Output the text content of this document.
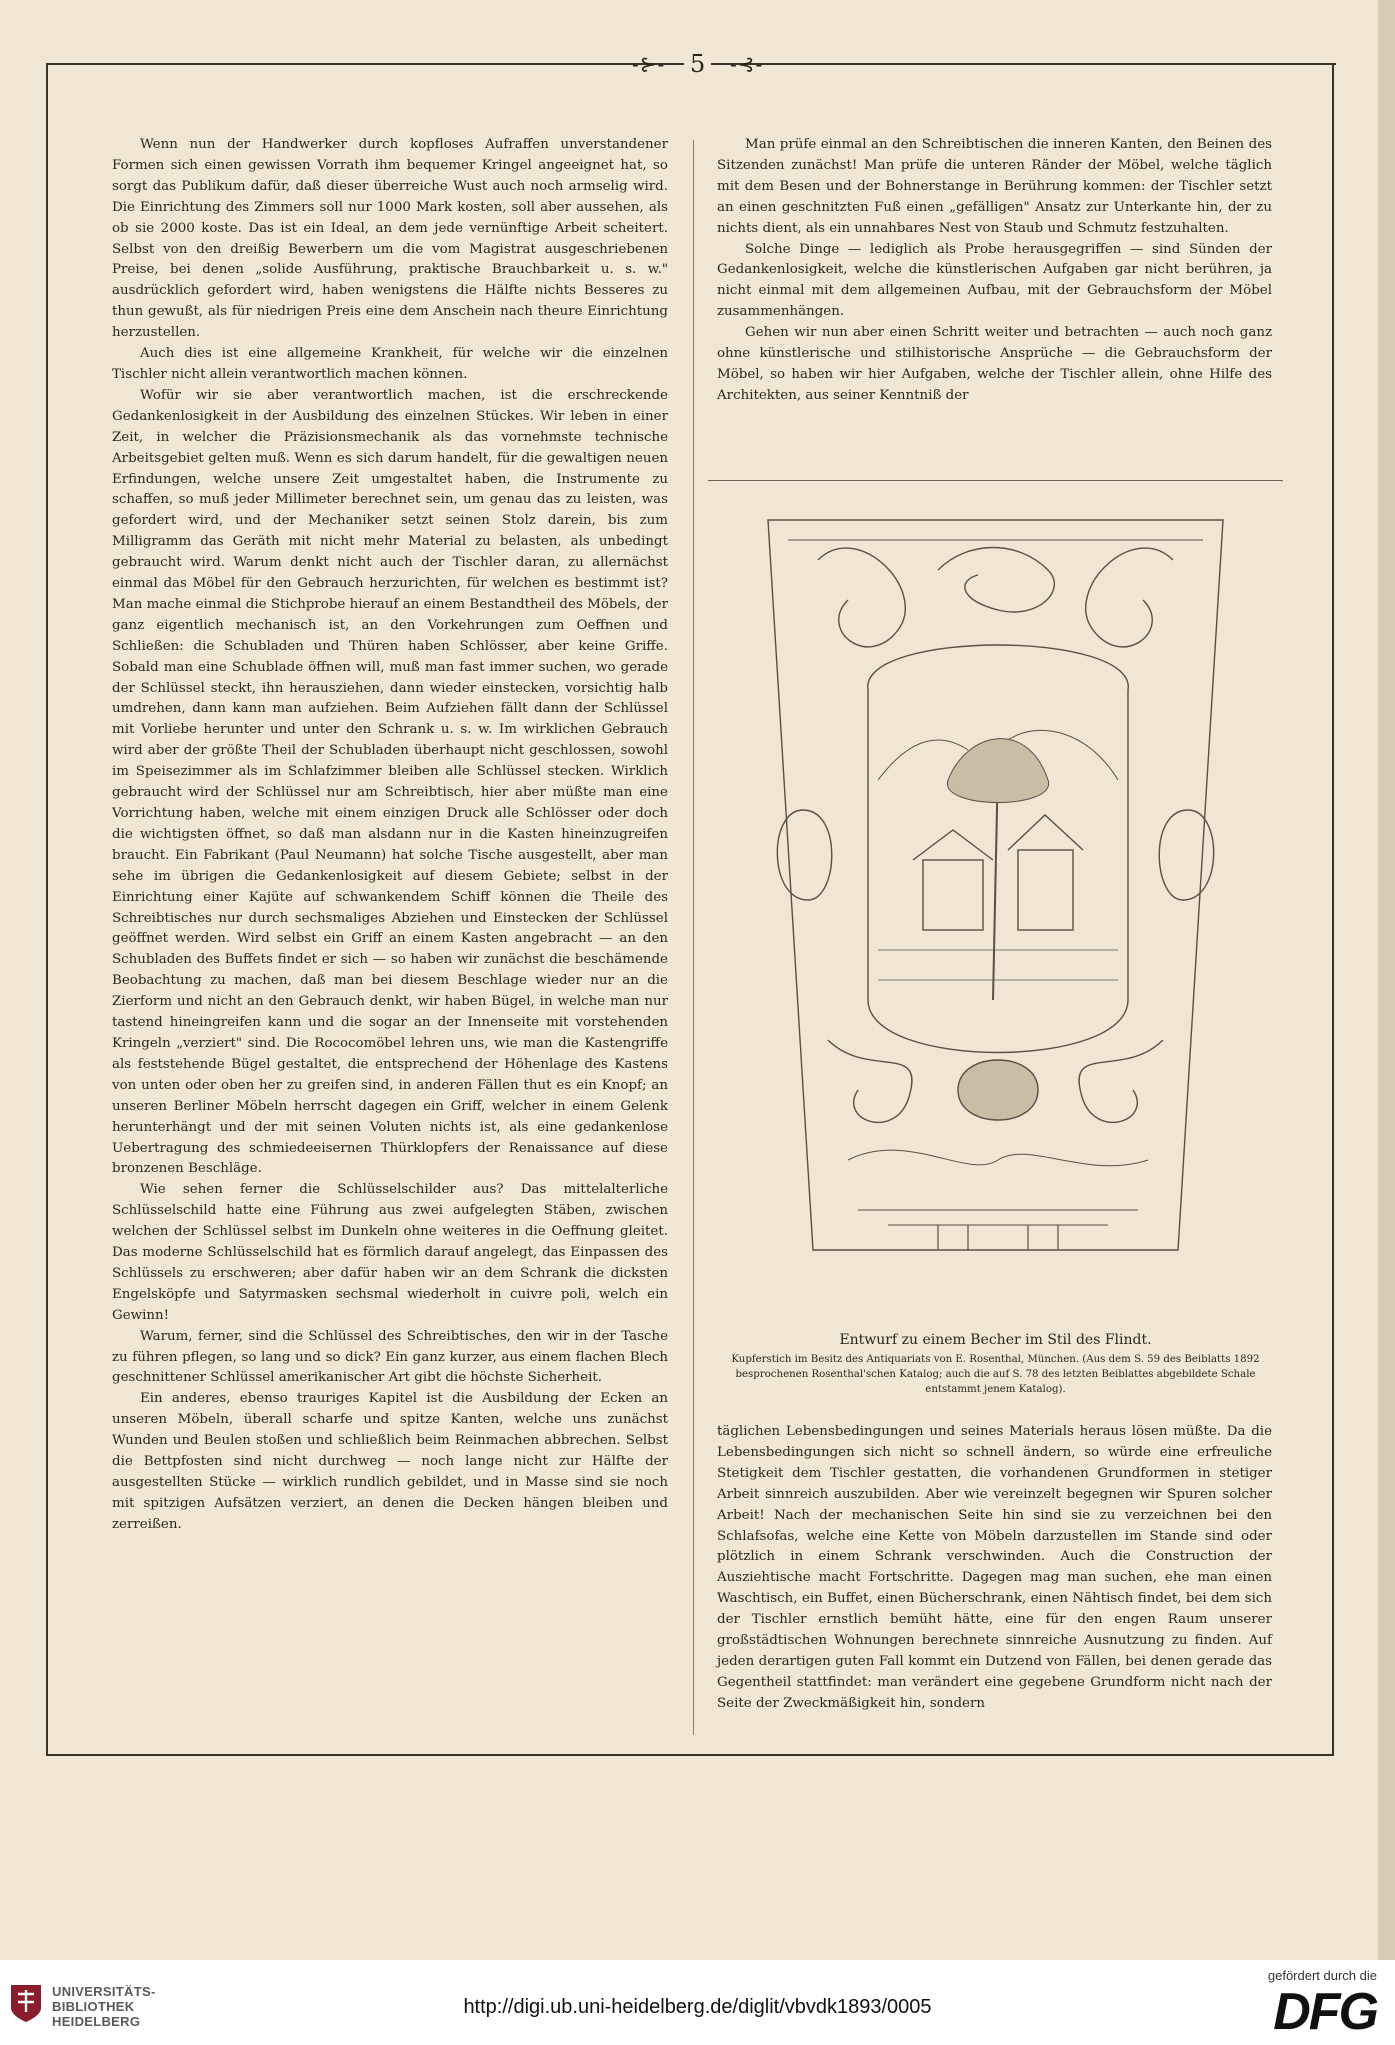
-⊱- 5	-⊰-

Wenn nun der Handwerker durch kopfloses Aufraffen unverstandener Formen sich einen gewissen Vorrath ihm bequemer Kringel angeeignet hat, so sorgt das Publikum dafür, daß dieser überreiche Wust auch noch armselig wird. Die Einrichtung des Zimmers soll nur 1000 Mark kosten, soll aber aussehen, als ob sie 2000 koste. Das ist ein Ideal, an dem jede vernünftige Arbeit scheitert. Selbst von den dreißig Bewerbern um die vom Magistrat ausgeschriebenen Preise, bei denen „solide Ausführung, praktische Brauchbarkeit u. s. w." ausdrücklich gefordert wird, haben wenigstens die Hälfte nichts Besseres zu thun gewußt, als für niedrigen Preis eine dem Anschein nach theure Einrichtung herzustellen.

Auch dies ist eine allgemeine Krankheit, für welche wir die einzelnen Tischler nicht allein verantwortlich machen können.

Wofür wir sie aber verantwortlich machen, ist die erschreckende Gedankenlosigkeit in der Ausbildung des einzelnen Stückes. Wir leben in einer Zeit, in welcher die Präzisionsmechanik als das vornehmste technische Arbeitsgebiet gelten muß. Wenn es sich darum handelt, für die gewaltigen neuen Erfindungen, welche unsere Zeit umgestaltet haben, die Instrumente zu schaffen, so muß jeder Millimeter berechnet sein, um genau das zu leisten, was gefordert wird, und der Mechaniker setzt seinen Stolz darein, bis zum Milligramm das Geräth mit nicht mehr Material zu belasten, als unbedingt gebraucht wird. Warum denkt nicht auch der Tischler daran, zu allernächst einmal das Möbel für den Gebrauch herzurichten, für welchen es bestimmt ist? Man mache einmal die Stichprobe hierauf an einem Bestandtheil des Möbels, der ganz eigentlich mechanisch ist, an den Vorkehrungen zum Oeffnen und Schließen: die Schubladen und Thüren haben Schlösser, aber keine Griffe. Sobald man eine Schublade öffnen will, muß man fast immer suchen, wo gerade der Schlüssel steckt, ihn herausziehen, dann wieder einstecken, vorsichtig halb umdrehen, dann kann man aufziehen. Beim Aufziehen fällt dann der Schlüssel mit Vorliebe herunter und unter den Schrank u. s. w. Im wirklichen Gebrauch wird aber der größte Theil der Schubladen überhaupt nicht geschlossen, sowohl im Speisezimmer als im Schlafzimmer bleiben alle Schlüssel stecken. Wirklich gebraucht wird der Schlüssel nur am Schreibtisch, hier aber müßte man eine Vorrichtung haben, welche mit einem einzigen Druck alle Schlösser oder doch die wichtigsten öffnet, so daß man alsdann nur in die Kasten hineinzugreifen braucht. Ein Fabrikant (Paul Neumann) hat solche Tische ausgestellt, aber man sehe im übrigen die Gedankenlosigkeit auf diesem Gebiete; selbst in der Einrichtung einer Kajüte auf schwankendem Schiff können die Theile des Schreibtisches nur durch sechsmaliges Abziehen und Einstecken der Schlüssel geöffnet werden. Wird selbst ein Griff an einem Kasten angebracht — an den Schubladen des Buffets findet er sich — so haben wir zunächst die beschämende Beobachtung zu machen, daß man bei diesem Beschlage wieder nur an die Zierform und nicht an den Gebrauch denkt, wir haben Bügel, in welche man nur tastend hineingreifen kann und die sogar an der Innenseite mit vorstehenden Kringeln „verziert" sind. Die Rococomöbel lehren uns, wie man die Kastengriffe als feststehende Bügel gestaltet, die entsprechend der Höhenlage des Kastens von unten oder oben her zu greifen sind, in anderen Fällen thut es ein Knopf; an unseren Berliner Möbeln herrscht dagegen ein Griff, welcher in einem Gelenk herunterhängt und der mit seinen Voluten nichts ist, als eine gedankenlose Uebertragung des schmiedeeisernen Thürklopfers der Renaissance auf diese bronzenen Beschläge.

Wie sehen ferner die Schlüsselschilder aus? Das mittelalterliche Schlüsselschild hatte eine Führung aus zwei aufgelegten Stäben, zwischen welchen der Schlüssel selbst im Dunkeln ohne weiteres in die Oeffnung gleitet. Das moderne Schlüsselschild hat es förmlich darauf angelegt, das Einpassen des Schlüssels zu erschweren; aber dafür haben wir an dem Schrank die dicksten Engelsköpfe und Satyrmasken sechsmal wiederholt in cuivre poli, welch ein Gewinn!

Warum, ferner, sind die Schlüssel des Schreibtisches, den wir in der Tasche zu führen pflegen, so lang und so dick? Ein ganz kurzer, aus einem flachen Blech geschnittener Schlüssel amerikanischer Art gibt die höchste Sicherheit.

Ein anderes, ebenso trauriges Kapitel ist die Ausbildung der Ecken an unseren Möbeln, überall scharfe und spitze Kanten, welche uns zunächst Wunden und Beulen stoßen und schließlich beim Reinmachen abbrechen. Selbst die Bettpfosten sind nicht durchweg — noch lange nicht zur Hälfte der ausgestellten Stücke — wirklich rundlich gebildet, und in Masse sind sie noch mit spitzigen Aufsätzen verziert, an denen die Decken hängen bleiben und zerreißen.

Man prüfe einmal an den Schreibtischen die inneren Kanten, den Beinen des Sitzenden zunächst! Man prüfe die unteren Ränder der Möbel, welche täglich mit dem Besen und der Bohnerstange in Berührung kommen: der Tischler setzt an einen geschnitzten Fuß einen „gefälligen" Ansatz zur Unterkante hin, der zu nichts dient, als ein unnahbares Nest von Staub und Schmutz festzuhalten.

Solche Dinge — lediglich als Probe herausgegriffen — sind Sünden der Gedankenlosigkeit, welche die künstlerischen Aufgaben gar nicht berühren, ja nicht einmal mit dem allgemeinen Aufbau, mit der Gebrauchsform der Möbel zusammenhängen.

Gehen wir nun aber einen Schritt weiter und betrachten — auch noch ganz ohne künstlerische und stilhistorische Ansprüche — die Gebrauchsform der Möbel, so haben wir hier Aufgaben, welche der Tischler allein, ohne Hilfe des Architekten, aus seiner Kenntniß der

Entwurf zu einem Becher im Stil des Flindt.
Kupferstich im Besitz des Antiquariats von E. Rosenthal, München. (Aus dem S. 59 des Beiblatts 1892 besprochenen Rosenthal'schen Katalog; auch die auf S. 78 des letzten Beiblattes abgebildete Schale entstammt jenem Katalog).

täglichen Lebensbedingungen und seines Materials heraus lösen müßte. Da die Lebensbedingungen sich nicht so schnell ändern, so würde eine erfreuliche Stetigkeit dem Tischler gestatten, die vorhandenen Grundformen in stetiger Arbeit sinnreich auszubilden. Aber wie vereinzelt begegnen wir Spuren solcher Arbeit! Nach der mechanischen Seite hin sind sie zu verzeichnen bei den Schlafsofas, welche eine Kette von Möbeln darzustellen im Stande sind oder plötzlich in einem Schrank verschwinden. Auch die Construction der Ausziehtische macht Fortschritte. Dagegen mag man suchen, ehe man einen Waschtisch, ein Buffet, einen Bücherschrank, einen Nähtisch findet, bei dem sich der Tischler ernstlich bemüht hätte, eine für den engen Raum unserer großstädtischen Wohnungen berechnete sinnreiche Ausnutzung zu finden. Auf jeden derartigen guten Fall kommt ein Dutzend von Fällen, bei denen gerade das Gegentheil stattfindet: man verändert eine gegebene Grundform nicht nach der Seite der Zweckmäßigkeit hin, sondern

UNIVERSITÄTS-
BIBLIOTHEK
HEIDELBERG
http://digi.ub.uni-heidelberg.de/diglit/vbvdk1893/0005
gefördert durch die
DFG
